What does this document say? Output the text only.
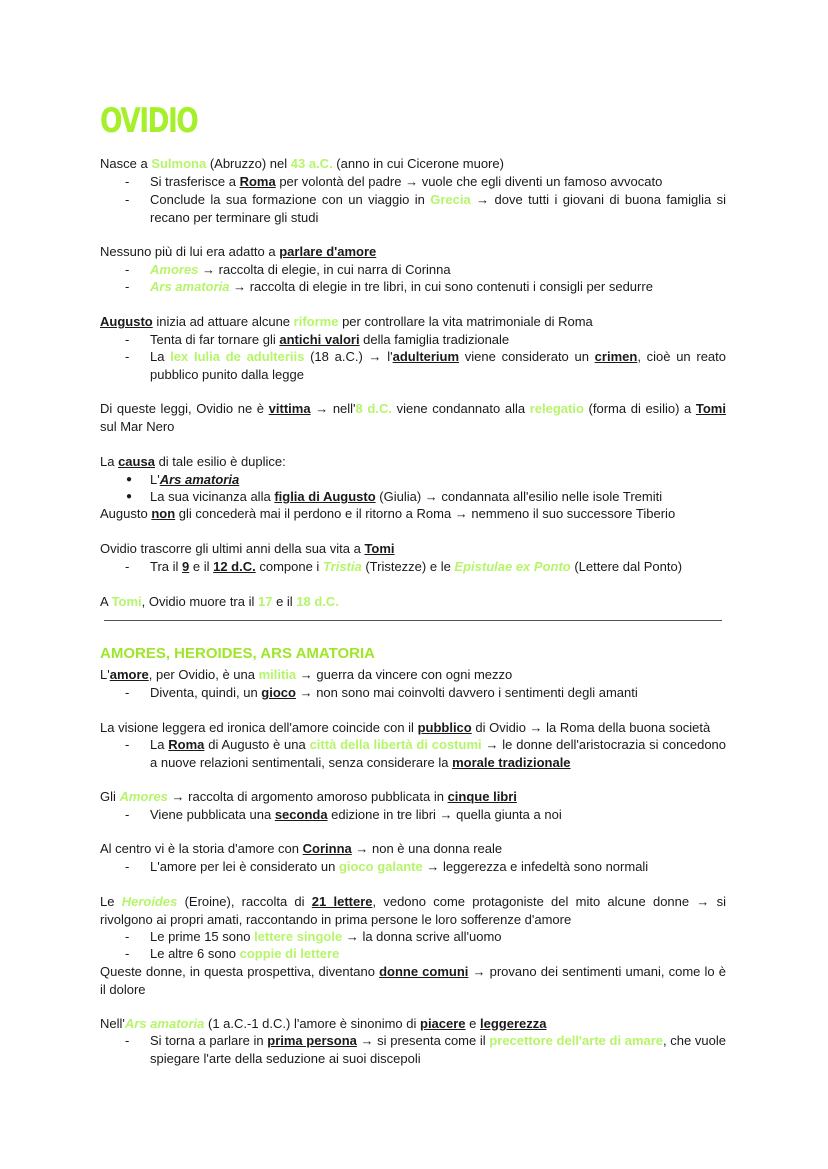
OVIDIO
Nasce a Sulmona (Abruzzo) nel 43 a.C. (anno in cui Cicerone muore)
- Si trasferisce a Roma per volontà del padre → vuole che egli diventi un famoso avvocato
- Conclude la sua formazione con un viaggio in Grecia → dove tutti i giovani di buona famiglia si recano per terminare gli studi
Nessuno più di lui era adatto a parlare d'amore
- Amores → raccolta di elegie, in cui narra di Corinna
- Ars amatoria → raccolta di elegie in tre libri, in cui sono contenuti i consigli per sedurre
Augusto inizia ad attuare alcune riforme per controllare la vita matrimoniale di Roma
- Tenta di far tornare gli antichi valori della famiglia tradizionale
- La lex Iulia de adulteriis (18 a.C.) → l'adulterium viene considerato un crimen, cioè un reato pubblico punito dalla legge
Di queste leggi, Ovidio ne è vittima → nell'8 d.C. viene condannato alla relegatio (forma di esilio) a Tomi sul Mar Nero
La causa di tale esilio è duplice:
● L'Ars amatoria
● La sua vicinanza alla figlia di Augusto (Giulia) → condannata all'esilio nelle isole Tremiti
Augusto non gli concederà mai il perdono e il ritorno a Roma → nemmeno il suo successore Tiberio
Ovidio trascorre gli ultimi anni della sua vita a Tomi
- Tra il 9 e il 12 d.C. compone i Tristia (Tristezze) e le Epistulae ex Ponto (Lettere dal Ponto)
A Tomi, Ovidio muore tra il 17 e il 18 d.C.
AMORES, HEROIDES, ARS AMATORIA
L'amore, per Ovidio, è una militia → guerra da vincere con ogni mezzo
- Diventa, quindi, un gioco → non sono mai coinvolti davvero i sentimenti degli amanti
La visione leggera ed ironica dell'amore coincide con il pubblico di Ovidio → la Roma della buona società
- La Roma di Augusto è una città della libertà di costumi → le donne dell'aristocrazia si concedono a nuove relazioni sentimentali, senza considerare la morale tradizionale
Gli Amores → raccolta di argomento amoroso pubblicata in cinque libri
- Viene pubblicata una seconda edizione in tre libri → quella giunta a noi
Al centro vi è la storia d'amore con Corinna → non è una donna reale
- L'amore per lei è considerato un gioco galante → leggerezza e infedeltà sono normali
Le Heroides (Eroine), raccolta di 21 lettere, vedono come protagoniste del mito alcune donne → si rivolgono ai propri amati, raccontando in prima persone le loro sofferenze d'amore
- Le prime 15 sono lettere singole → la donna scrive all'uomo
- Le altre 6 sono coppie di lettere
Queste donne, in questa prospettiva, diventano donne comuni → provano dei sentimenti umani, come lo è il dolore
Nell'Ars amatoria (1 a.C.-1 d.C.) l'amore è sinonimo di piacere e leggerezza
- Si torna a parlare in prima persona → si presenta come il precettore dell'arte di amare, che vuole spiegare l'arte della seduzione ai suoi discepoli
